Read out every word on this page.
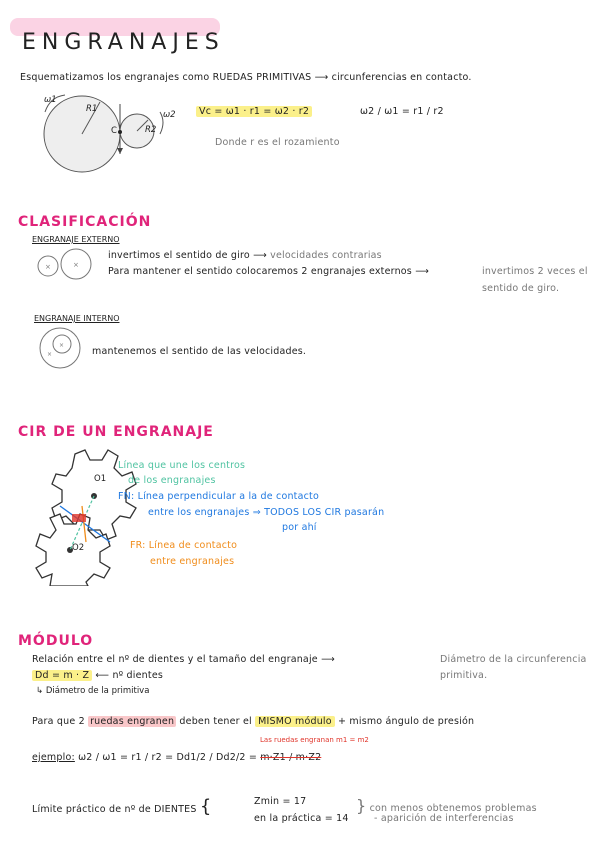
ENGRANAJES
Esquematizamos los engranajes como RUEDAS PRIMITIVAS ⟶ circunferencias en contacto.
ω1
R1
C	R2
ω2	Vc = ω1 · r1 = ω2 · r2	ω2 / ω1 = r1 / r2
Donde r es el rozamiento
CLASIFICACIÓN
ENGRANAJE EXTERNO
×	×
invertimos el sentido de giro ⟶ velocidades contrarias
Para mantener el sentido colocaremos 2 engranajes externos ⟶	invertimos 2 veces el
sentido de giro.
ENGRANAJE INTERNO
×
×	mantenemos el sentido de las velocidades.
CIR DE UN ENGRANAJE
O1
O2
Línea que une los centros
de los engranajes
FN: Línea perpendicular a la de contacto
entre los engranajes ⇒ TODOS LOS CIR pasarán
por ahí
FR: Línea de contacto
entre engranajes
MÓDULO
Relación entre el nº de dientes y el tamaño del engranaje ⟶	Diámetro de la circunferencia
primitiva.
Dd = m · Z ⟵ nº dientes
↳ Diámetro de la primitiva
Para que 2 ruedas engranen deben tener el MISMO módulo + mismo ángulo de presión
Las ruedas engranan m1 = m2
ejemplo: ω2 / ω1 = r1 / r2 = Dd1/2 / Dd2/2 = m·Z1 / m·Z2
Límite práctico de nº de DIENTES {	Zmin = 17
en la práctica = 14
} con menos obtenemos problemas
- aparición de interferencias
